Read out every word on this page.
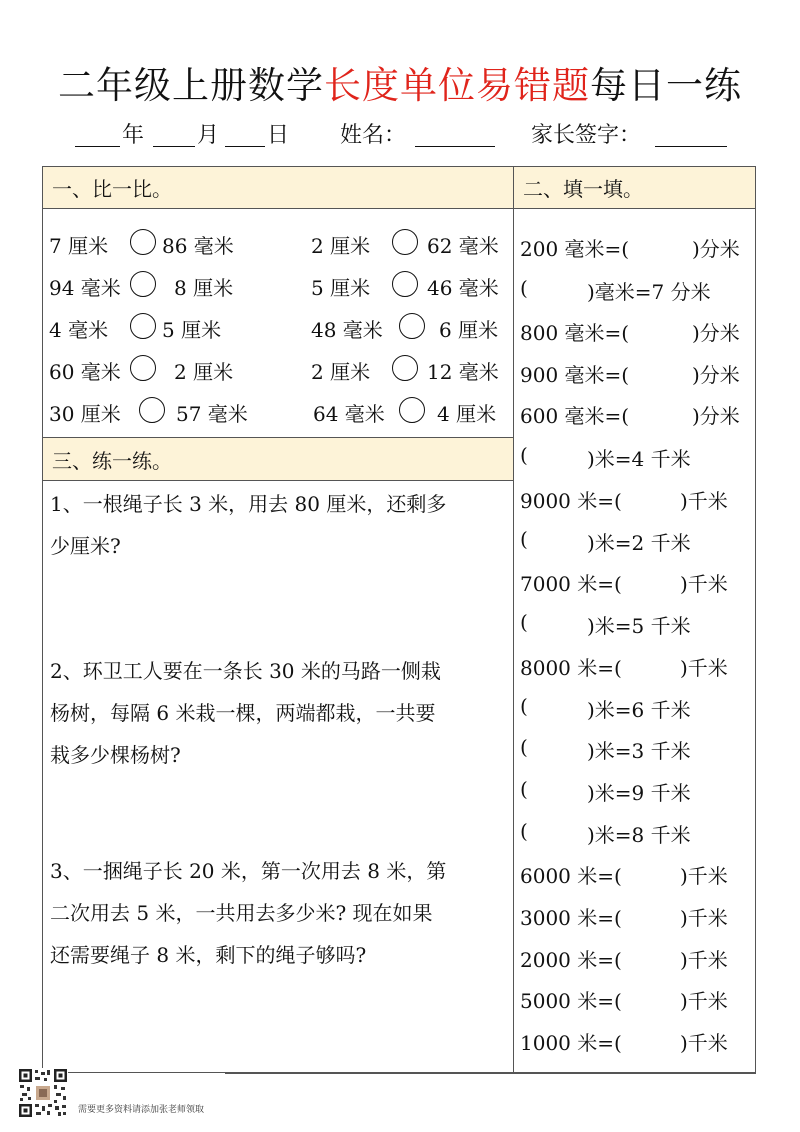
二年级上册数学长度单位易错题每日一练
年 月 日 姓名：	家长签字：
一、比一比。	二、填一填。
三、练一练。
7 厘米	86 毫米	2 厘米	62 毫米
94 毫米	8 厘米	5 厘米	46 毫米
4 毫米	5 厘米	48 毫米	6 厘米
60 毫米	2 厘米	2 厘米	12 毫米
30 厘米	57 毫米	64 毫米	4 厘米
1、一根绳子长 3 米，用去 80 厘米，还剩多
少厘米?
2、环卫工人要在一条长 30 米的马路一侧栽
杨树，每隔 6 米栽一棵，两端都栽，一共要
栽多少棵杨树?
3、一捆绳子长 20 米，第一次用去 8 米，第
二次用去 5 米，一共用去多少米? 现在如果
还需要绳子 8 米，剩下的绳子够吗?
200 毫米=(	)分米
(	)毫米=7 分米
800 毫米=(	)分米
900 毫米=(	)分米
600 毫米=(	)分米
(	)米=4 千米
9000 米=(	)千米
(	)米=2 千米
7000 米=(	)千米
(	)米=5 千米
8000 米=(	)千米
(	)米=6 千米
(	)米=3 千米
(	)米=9 千米
(	)米=8 千米
6000 米=(	)千米
3000 米=(	)千米
2000 米=(	)千米
5000 米=(	)千米
1000 米=(	)千米
需要更多资料请添加张老师领取
